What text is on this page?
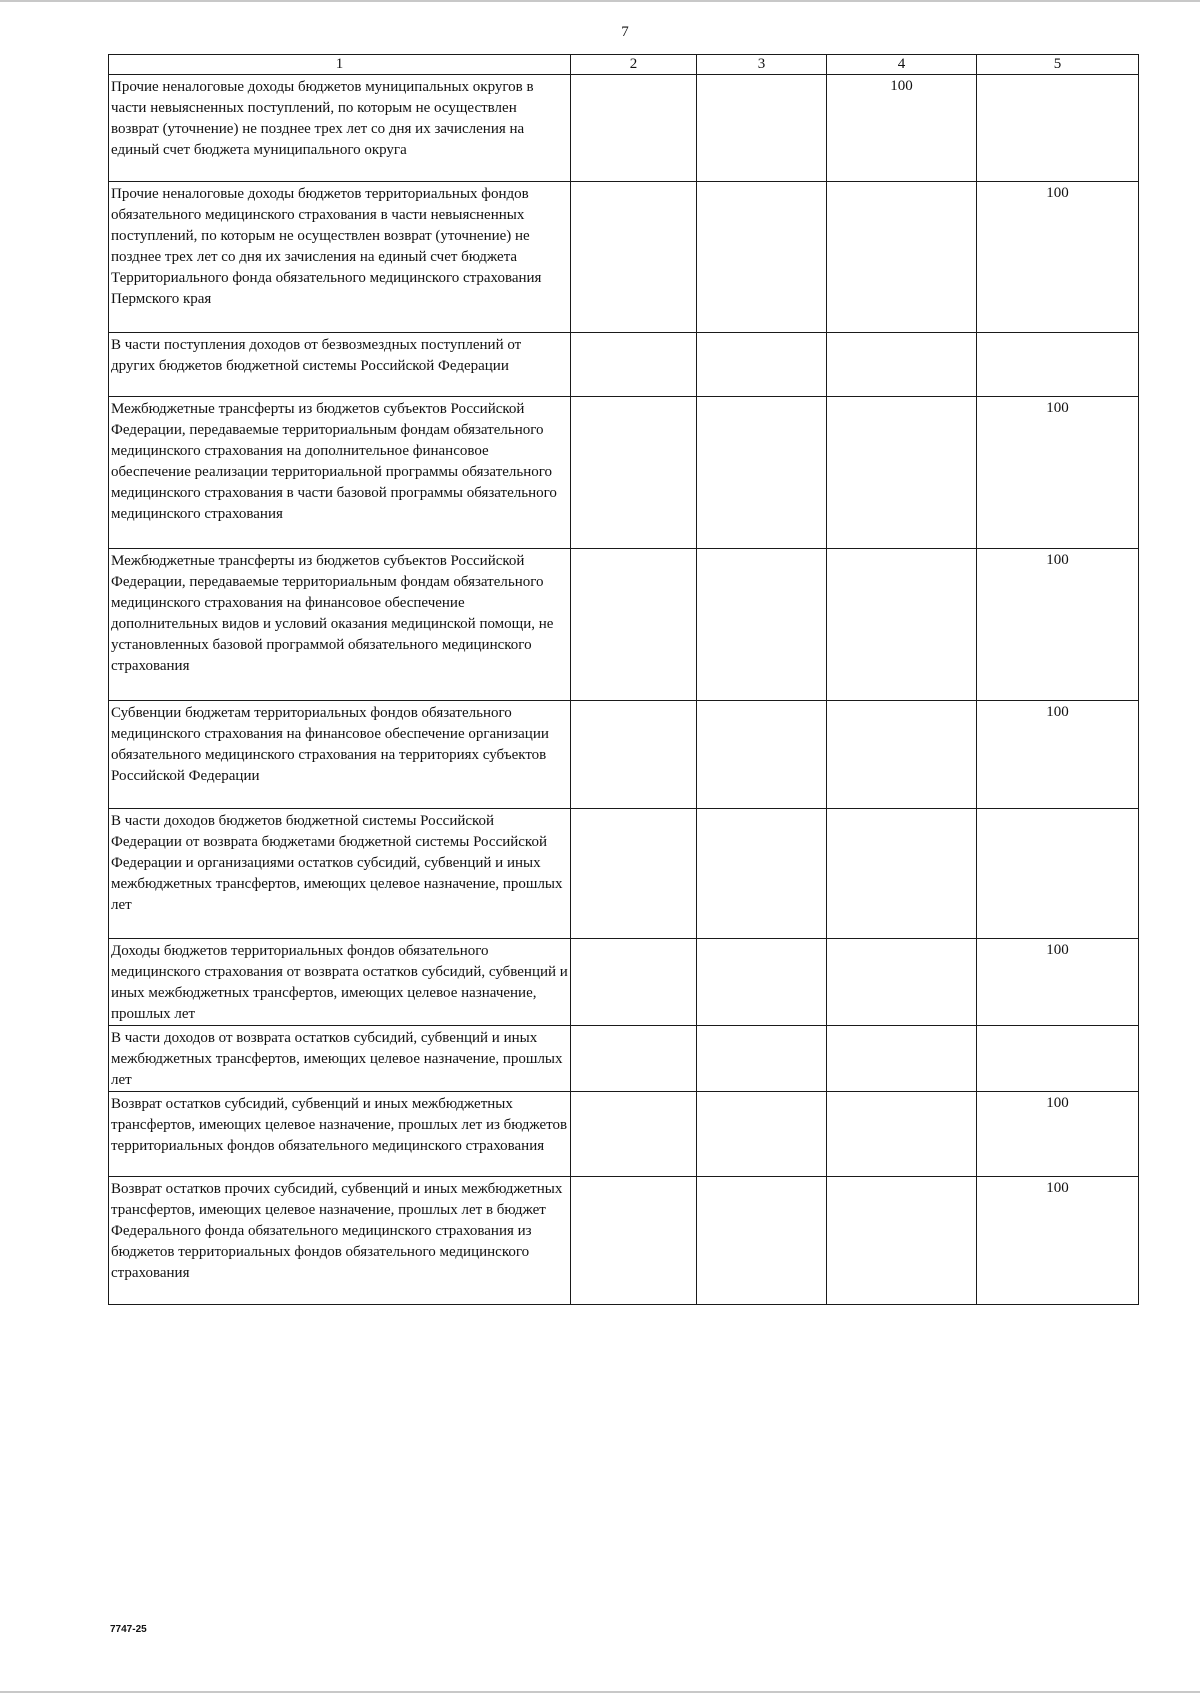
7
1	2	3	4	5
Прочие неналоговые доходы бюджетов муниципальных округов в части невыясненных поступлений, по которым не осуществлен возврат (уточнение) не позднее трех лет со дня их зачисления на единый счет бюджета муниципального округа			100	
Прочие неналоговые доходы бюджетов территориальных фондов обязательного медицинского страхования в части невыясненных поступлений, по которым не осуществлен возврат (уточнение) не позднее трех лет со дня их зачисления на единый счет бюджета Территориального фонда обязательного медицинского страхования Пермского края				100
В части поступления доходов от безвозмездных поступлений от других бюджетов бюджетной системы Российской Федерации				
Межбюджетные трансферты из бюджетов субъектов Российской Федерации, передаваемые территориальным фондам обязательного медицинского страхования на дополнительное финансовое обеспечение реализации территориальной программы обязательного медицинского страхования в части базовой программы обязательного медицинского страхования				100
Межбюджетные трансферты из бюджетов субъектов Российской Федерации, передаваемые территориальным фондам обязательного медицинского страхования на финансовое обеспечение дополнительных видов и условий оказания медицинской помощи, не установленных базовой программой обязательного медицинского страхования				100
Субвенции бюджетам территориальных фондов обязательного медицинского страхования на финансовое обеспечение организации обязательного медицинского страхования на территориях субъектов Российской Федерации				100
В части доходов бюджетов бюджетной системы Российской Федерации от возврата бюджетами бюджетной системы Российской Федерации и организациями остатков субсидий, субвенций и иных межбюджетных трансфертов, имеющих целевое назначение, прошлых лет				
Доходы бюджетов территориальных фондов обязательного медицинского страхования от возврата остатков субсидий, субвенций и иных межбюджетных трансфертов, имеющих целевое назначение, прошлых лет				100
В части доходов от возврата остатков субсидий, субвенций и иных межбюджетных трансфертов, имеющих целевое назначение, прошлых лет				
Возврат остатков субсидий, субвенций и иных межбюджетных трансфертов, имеющих целевое назначение, прошлых лет из бюджетов территориальных фондов обязательного медицинского страхования				100
Возврат остатков прочих субсидий, субвенций и иных межбюджетных трансфертов, имеющих целевое назначение, прошлых лет в бюджет Федерального фонда обязательного медицинского страхования из бюджетов территориальных фондов обязательного медицинского страхования				100
7747-25
